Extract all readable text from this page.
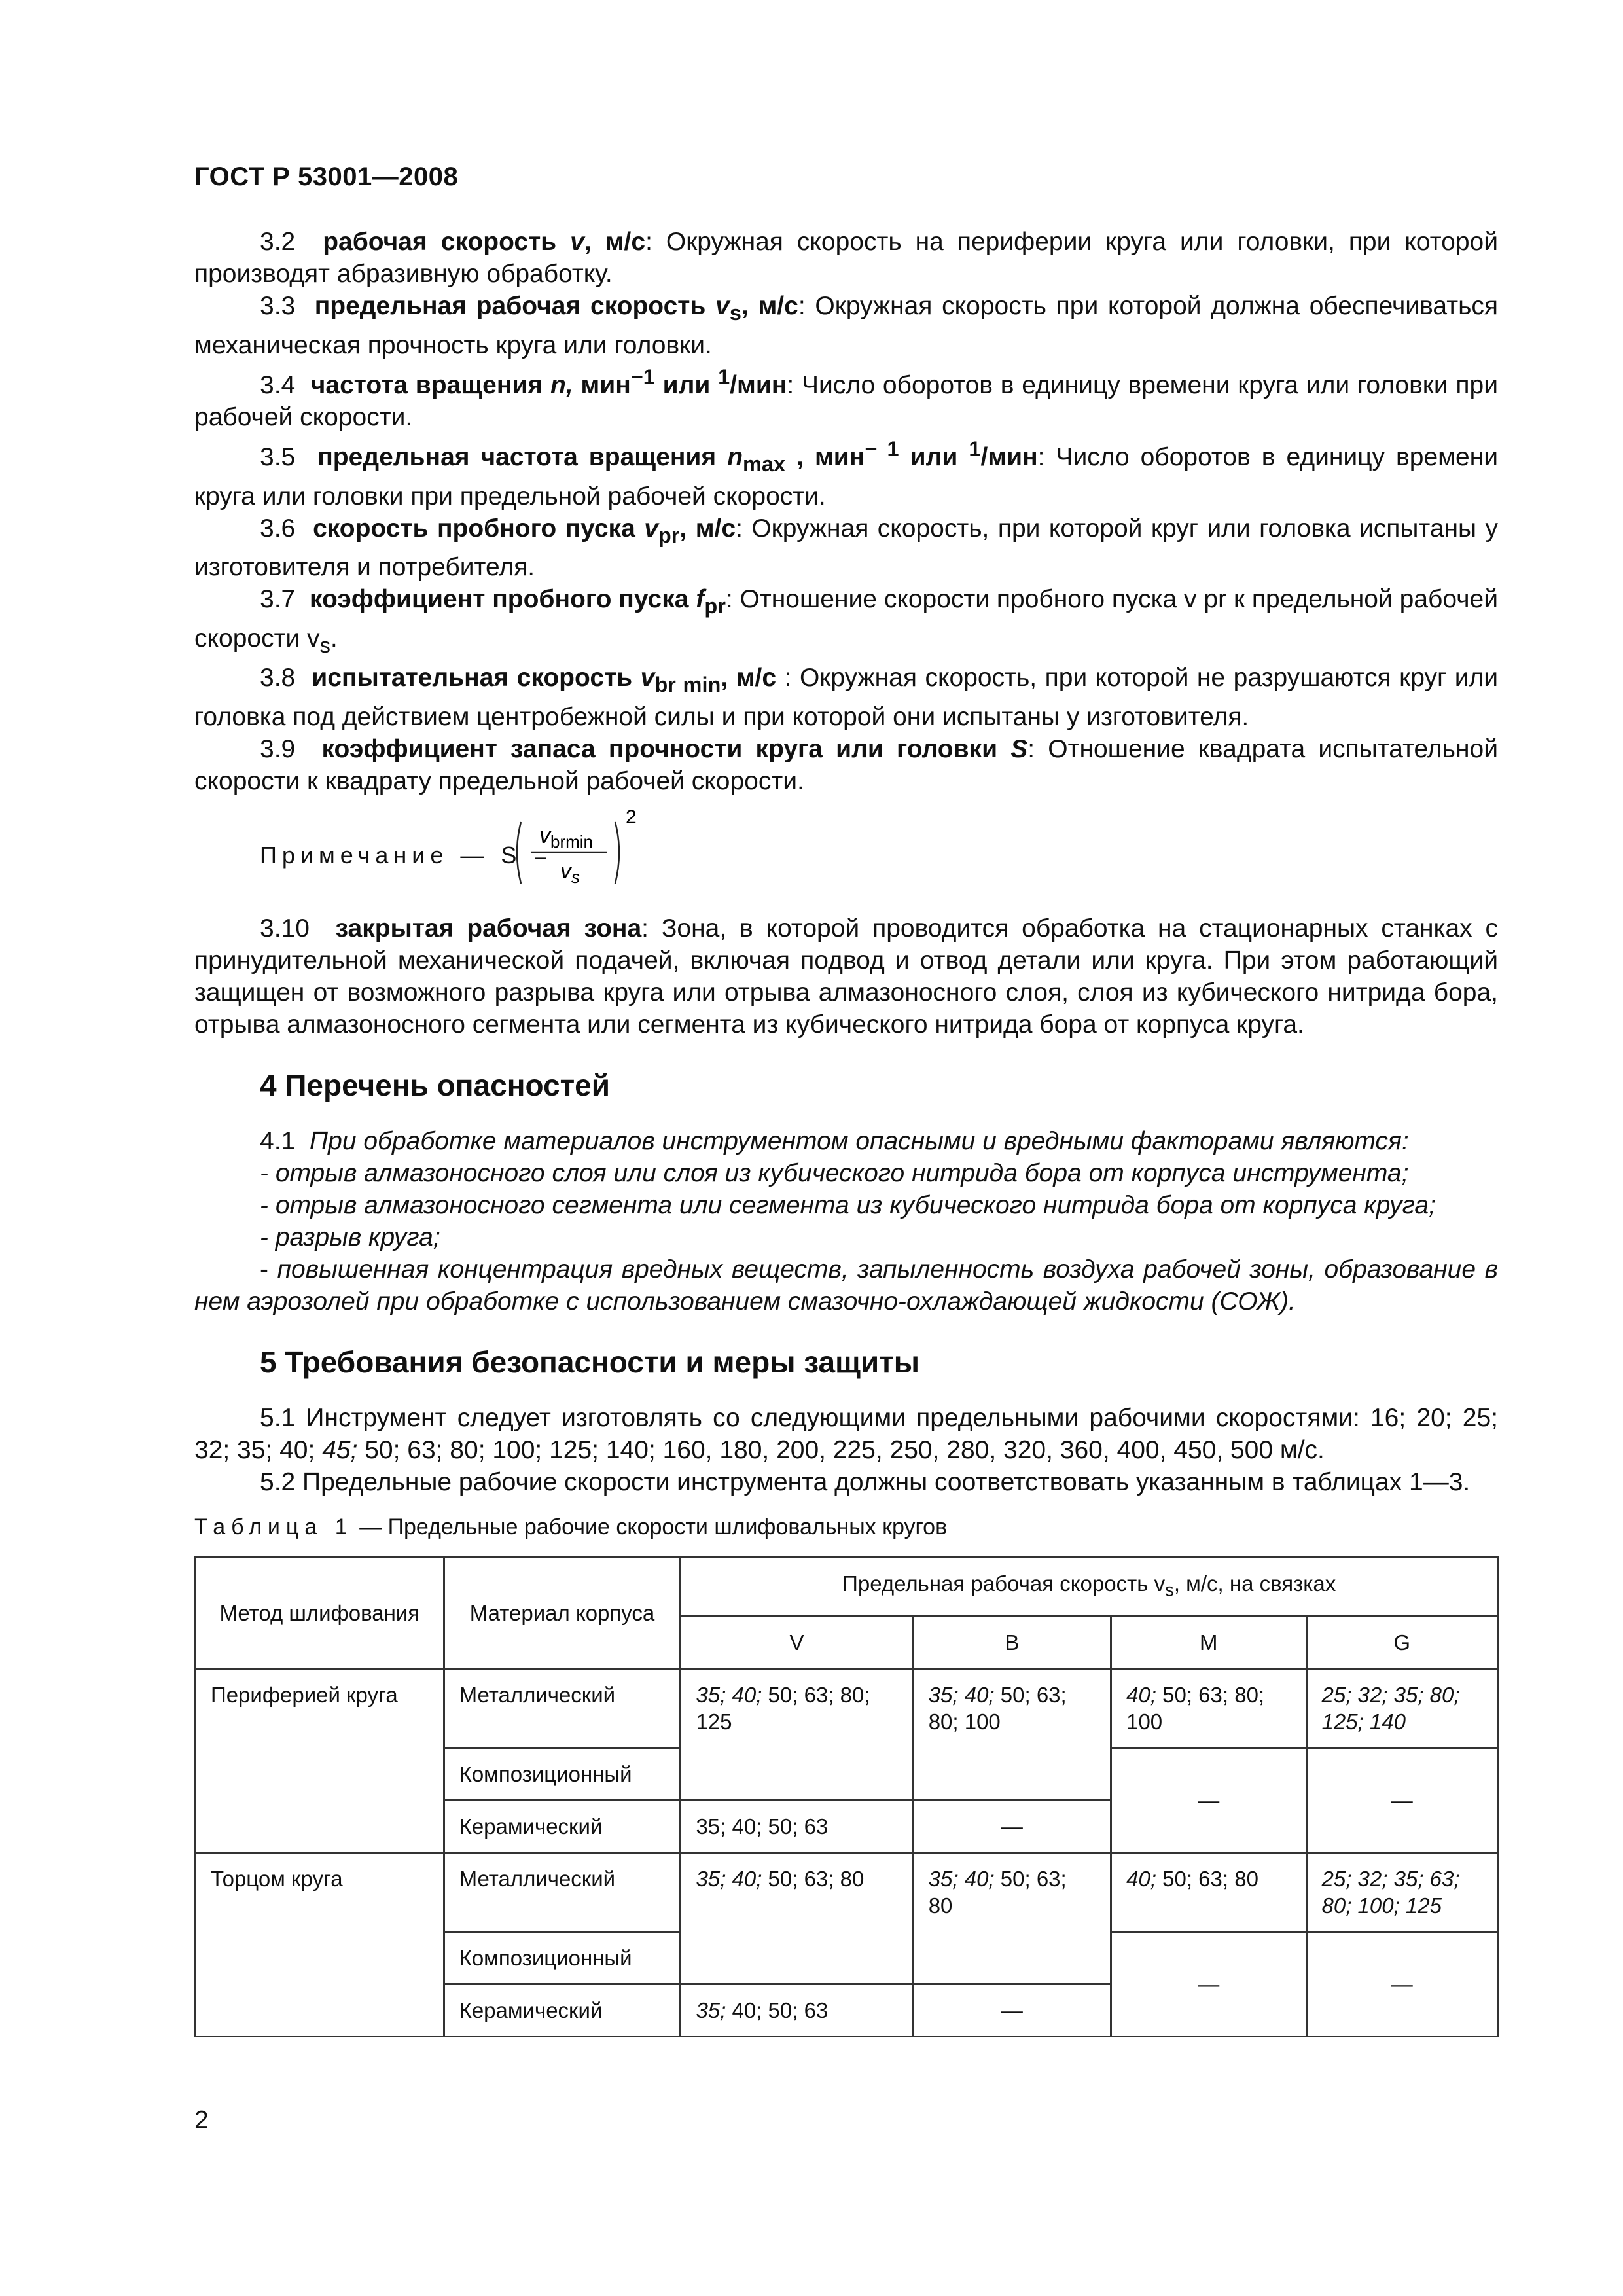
ГОСТ Р 53001—2008

3.2 рабочая скорость v, м/с: Окружная скорость на периферии круга или головки, при которой производят абразивную обработку.

3.3 предельная рабочая скорость $v_s$, м/с: Окружная скорость при которой должна обеспечиваться механическая прочность круга или головки.

3.4 частота вращения n, мин$^{-1}$ или $^1$/мин: Число оборотов в единицу времени круга или головки при рабочей скорости.

3.5 предельная частота вращения $n_{max}$ , мин$^{- 1}$ или $^1$/мин: Число оборотов в единицу времени круга или головки при предельной рабочей скорости.

3.6 скорость пробного пуска $v_{pr}$, м/с: Окружная скорость, при которой круг или головка испытаны у изготовителя и потребителя.

3.7 коэффициент пробного пуска $f_{pr}$: Отношение скорости пробного пуска v pr к предельной рабочей скорости $v_s$.

3.8 испытательная скорость $v_{br min}$, м/с : Окружная скорость, при которой не разрушаются круг или головка под действием центробежной силы и при которой они испытаны у изготовителя.

3.9 коэффициент запаса прочности круга или головки S: Отношение квадрата испытательной скорости к квадрату предельной рабочей скорости.

Примечание — S =
$v_{brmin}$
$v_s$
2

3.10 закрытая рабочая зона: Зона, в которой проводится обработка на стационарных станках с принудительной механической подачей, включая подвод и отвод детали или круга. При этом работающий защищен от возможного разрыва круга или отрыва алмазоносного слоя, слоя из кубического нитрида бора, отрыва алмазоносного сегмента или сегмента из кубического нитрида бора от корпуса круга.

4 Перечень опасностей

4.1 При обработке материалов инструментом опасными и вредными факторами являются:

- отрыв алмазоносного слоя или слоя из кубического нитрида бора от корпуса инструмента;

- отрыв алмазоносного сегмента или сегмента из кубического нитрида бора от корпуса круга;

- разрыв круга;

- повышенная концентрация вредных веществ, запыленность воздуха рабочей зоны, образование в нем аэрозолей при обработке с использованием смазочно-охлаждающей жидкости (СОЖ).

5 Требования безопасности и меры защиты

5.1 Инструмент следует изготовлять со следующими предельными рабочими скоростями: 16; 20; 25; 32; 35; 40; 45; 50; 63; 80; 100; 125; 140; 160, 180, 200, 225, 250, 280, 320, 360, 400, 450, 500 м/с.

5.2 Предельные рабочие скорости инструмента должны соответствовать указанным в таблицах 1—3.

Таблица 1 — Предельные рабочие скорости шлифовальных кругов
Метод шлифования	Материал корпуса	Предельная рабочая скорость $v_s$, м/с, на связках			
		V	B	M	G
Периферией круга	Металлический	35; 40; 50; 63; 80; 125	35; 40; 50; 63; 80; 100	40; 50; 63; 80; 100	25; 32; 35; 80; 125; 140
	Композиционный			—	—
	Керамический	35; 40; 50; 63	—		
Торцом круга	Металлический	35; 40; 50; 63; 80	35; 40; 50; 63; 80	40; 50; 63; 80	25; 32; 35; 63; 80; 100; 125
	Композиционный			—	—
	Керамический	35; 40; 50; 63	—		
2
